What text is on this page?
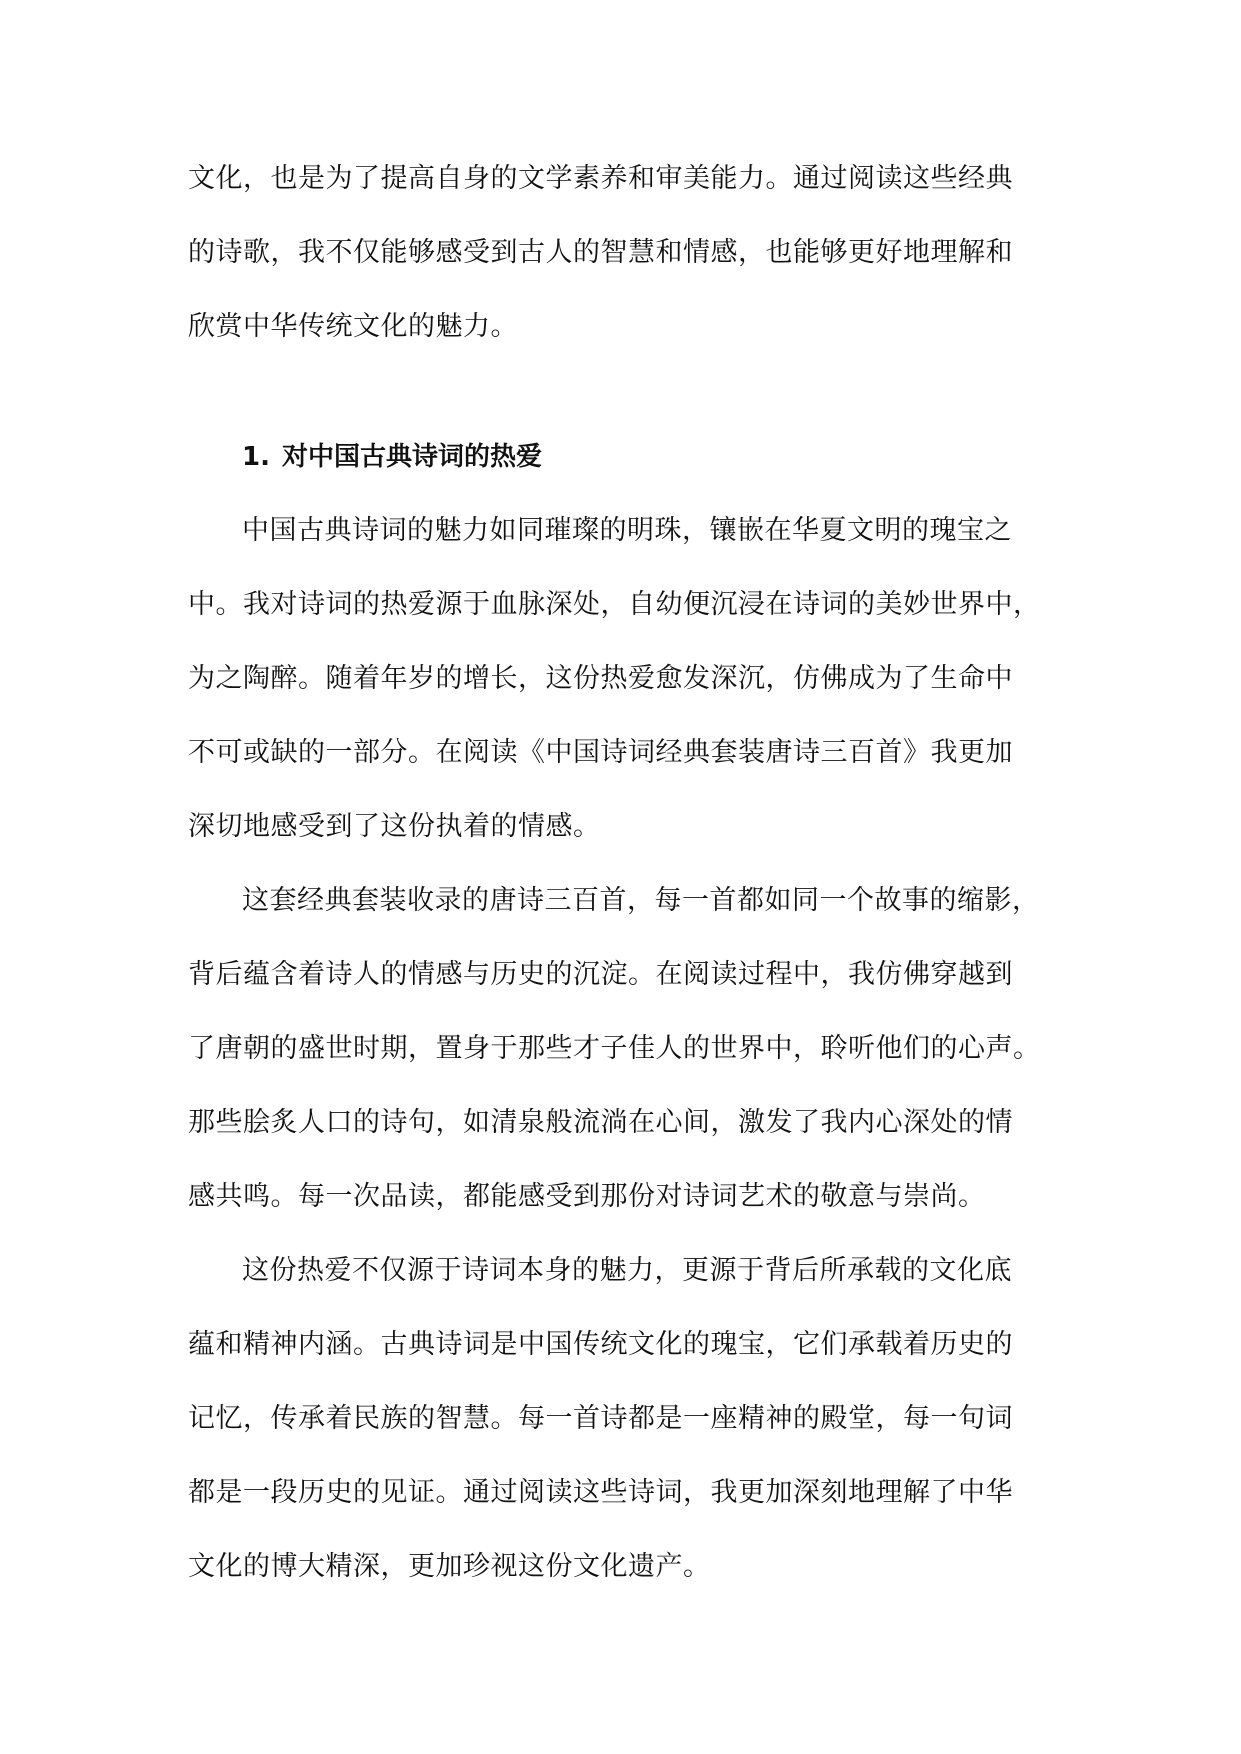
文化，也是为了提高自身的文学素养和审美能力。通过阅读这些经典
的诗歌，我不仅能够感受到古人的智慧和情感，也能够更好地理解和
欣赏中华传统文化的魅力。
1. 对中国古典诗词的热爱
中国古典诗词的魅力如同璀璨的明珠，镶嵌在华夏文明的瑰宝之
中。我对诗词的热爱源于血脉深处，自幼便沉浸在诗词的美妙世界中，
为之陶醉。随着年岁的增长，这份热爱愈发深沉，仿佛成为了生命中
不可或缺的一部分。在阅读《中国诗词经典套装唐诗三百首》我更加
深切地感受到了这份执着的情感。
这套经典套装收录的唐诗三百首，每一首都如同一个故事的缩影，
背后蕴含着诗人的情感与历史的沉淀。在阅读过程中，我仿佛穿越到
了唐朝的盛世时期，置身于那些才子佳人的世界中，聆听他们的心声。
那些脍炙人口的诗句，如清泉般流淌在心间，激发了我内心深处的情
感共鸣。每一次品读，都能感受到那份对诗词艺术的敬意与崇尚。
这份热爱不仅源于诗词本身的魅力，更源于背后所承载的文化底
蕴和精神内涵。古典诗词是中国传统文化的瑰宝，它们承载着历史的
记忆，传承着民族的智慧。每一首诗都是一座精神的殿堂，每一句词
都是一段历史的见证。通过阅读这些诗词，我更加深刻地理解了中华
文化的博大精深，更加珍视这份文化遗产。
